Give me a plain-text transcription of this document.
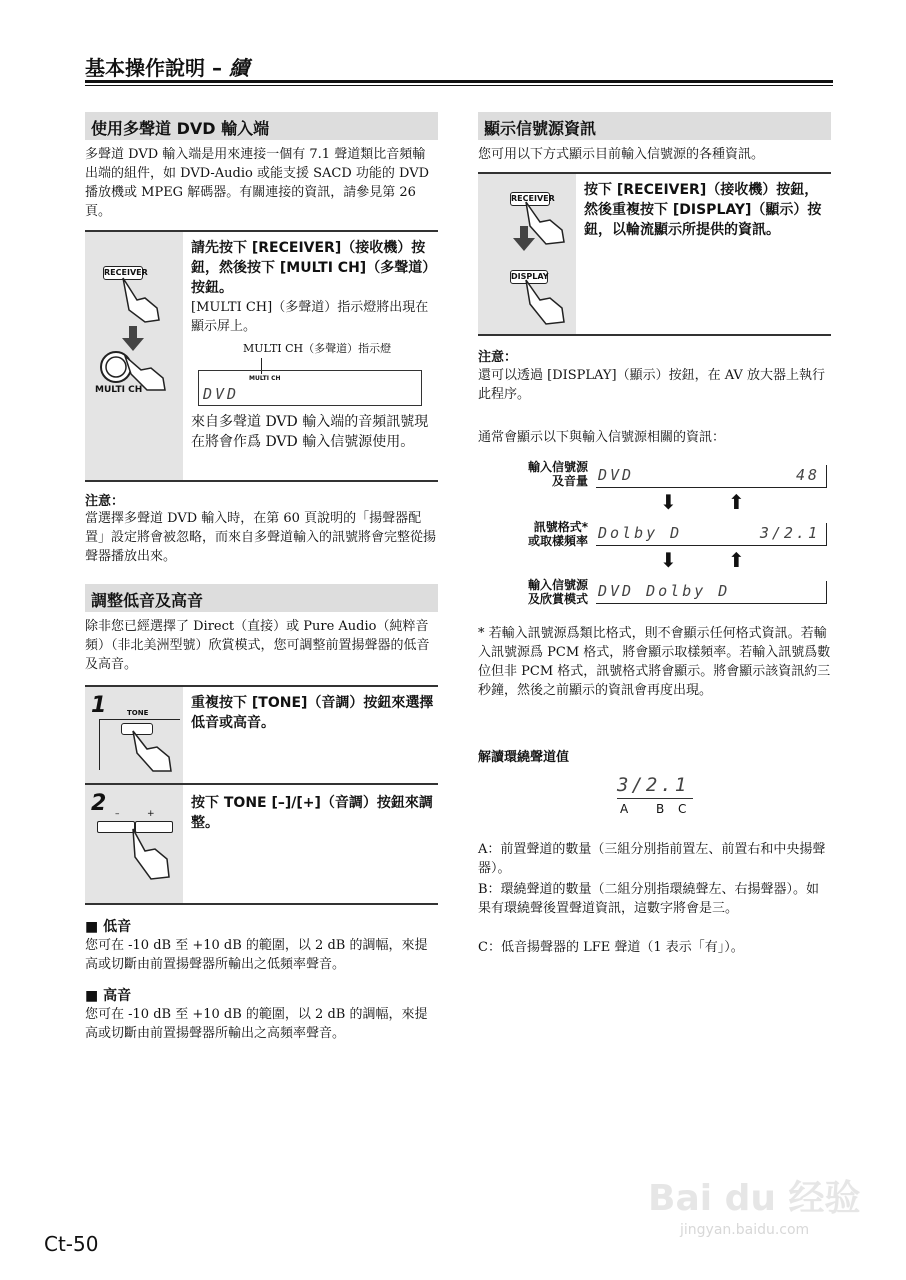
基本操作說明 – 續
使用多聲道 DVD 輸入端
多聲道 DVD 輸入端是用來連接一個有 7.1 聲道類比音頻輸出端的組件，如 DVD-Audio 或能支援 SACD 功能的 DVD 播放機或 MPEG 解碼器。有關連接的資訊，請參見第 26 頁。
RECEIVER
MULTI CH
請先按下 [RECEIVER]（接收機）按鈕，然後按下 [MULTI CH]（多聲道）按鈕。
[MULTI CH]（多聲道）指示燈將出現在顯示屏上。
MULTI CH（多聲道）指示燈
MULTI CH
DVD
來自多聲道 DVD 輸入端的音頻訊號現在將會作爲 DVD 輸入信號源使用。
注意：
當選擇多聲道 DVD 輸入時，在第 60 頁說明的「揚聲器配置」設定將會被忽略，而來自多聲道輸入的訊號將會完整從揚聲器播放出來。
調整低音及高音
除非您已經選擇了 Direct（直接）或 Pure Audio（純粹音頻）（非北美洲型號）欣賞模式，您可調整前置揚聲器的低音及高音。
1	TONE
重複按下 [TONE]（音調）按鈕來選擇低音或高音。
2 –	+
按下 TONE [–]/[+]（音調）按鈕來調整。
■ 低音
您可在 -10 dB 至 +10 dB 的範圍，以 2 dB 的調幅，來提高或切斷由前置揚聲器所輸出之低頻率聲音。
■ 高音
您可在 -10 dB 至 +10 dB 的範圍，以 2 dB 的調幅，來提高或切斷由前置揚聲器所輸出之高頻率聲音。
顯示信號源資訊
您可用以下方式顯示目前輸入信號源的各種資訊。
RECEIVER
DISPLAY
按下 [RECEIVER]（接收機）按鈕，然後重複按下 [DISPLAY]（顯示）按鈕，以輪流顯示所提供的資訊。
注意：
還可以透過 [DISPLAY]（顯示）按鈕，在 AV 放大器上執行此程序。
通常會顯示以下與輸入信號源相關的資訊：
輸入信號源
及音量 DVD	48
⬇	⬆
訊號格式*
或取樣頻率 Dolby D	3/2.1
⬇	⬆
輸入信號源
及欣賞模式 DVD Dolby D
* 若輸入訊號源爲類比格式，則不會顯示任何格式資訊。若輸入訊號源爲 PCM 格式，將會顯示取樣頻率。若輸入訊號爲數位但非 PCM 格式，訊號格式將會顯示。將會顯示該資訊約三秒鐘，然後之前顯示的資訊會再度出現。
解讀環繞聲道值
3/2.1
A B C
A：前置聲道的數量（三組分別指前置左、前置右和中央揚聲器）。
B：環繞聲道的數量（二組分別指環繞聲左、右揚聲器）。如果有環繞聲後置聲道資訊，這數字將會是三。
C：低音揚聲器的 LFE 聲道（1 表示「有」）。
Ct-50
Bai du 经验
jingyan.baidu.com
